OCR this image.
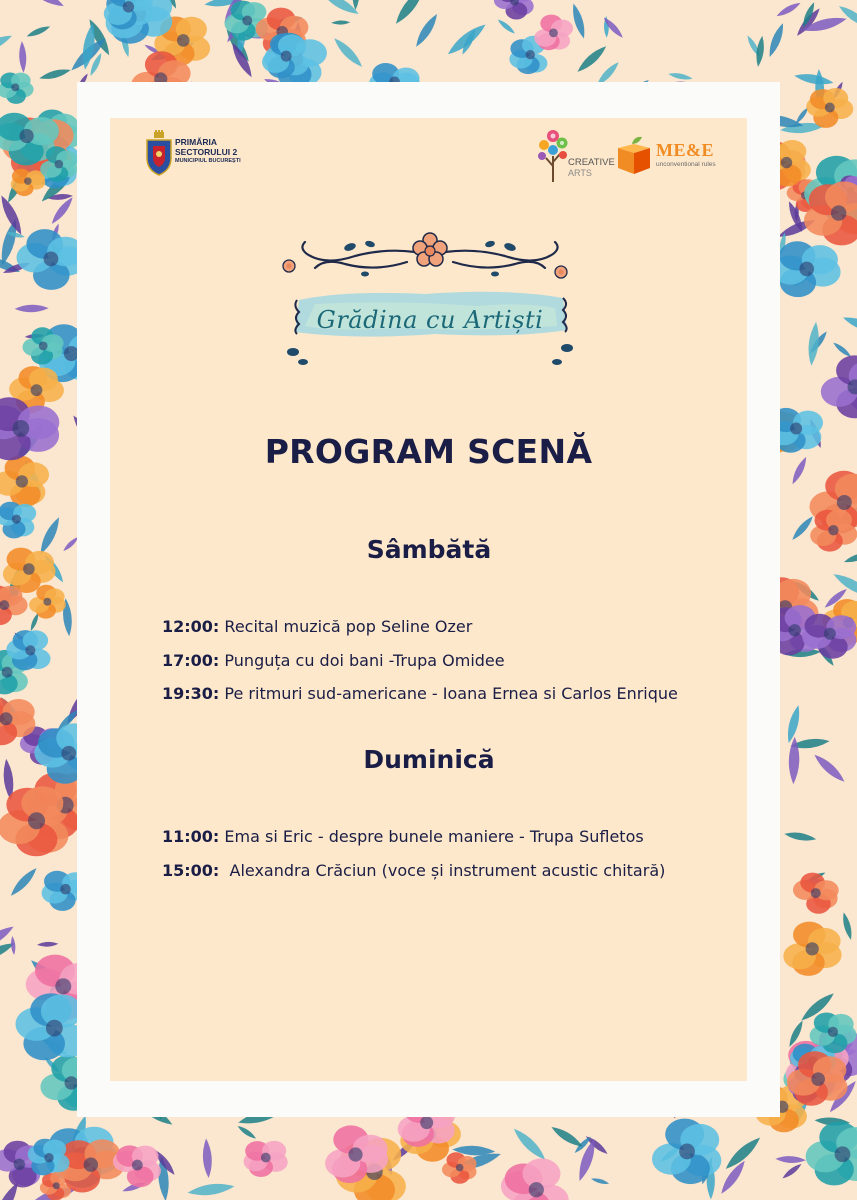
PRIMĂRIA
SECTORULUI 2
MUNICIPIUL BUCUREȘTI	CREATIVE
ARTS
ME&E
unconventional rules
Grădina cu Artiști
PROGRAM SCENĂ
Sâmbătă
12:00: Recital muzică pop Seline Ozer
17:00: Punguța cu doi bani -Trupa Omidee
19:30: Pe ritmuri sud-americane - Ioana Ernea si Carlos Enrique
Duminică
11:00: Ema si Eric - despre bunele maniere - Trupa Sufletos
15:00:  Alexandra Crăciun (voce și instrument acustic chitară)
